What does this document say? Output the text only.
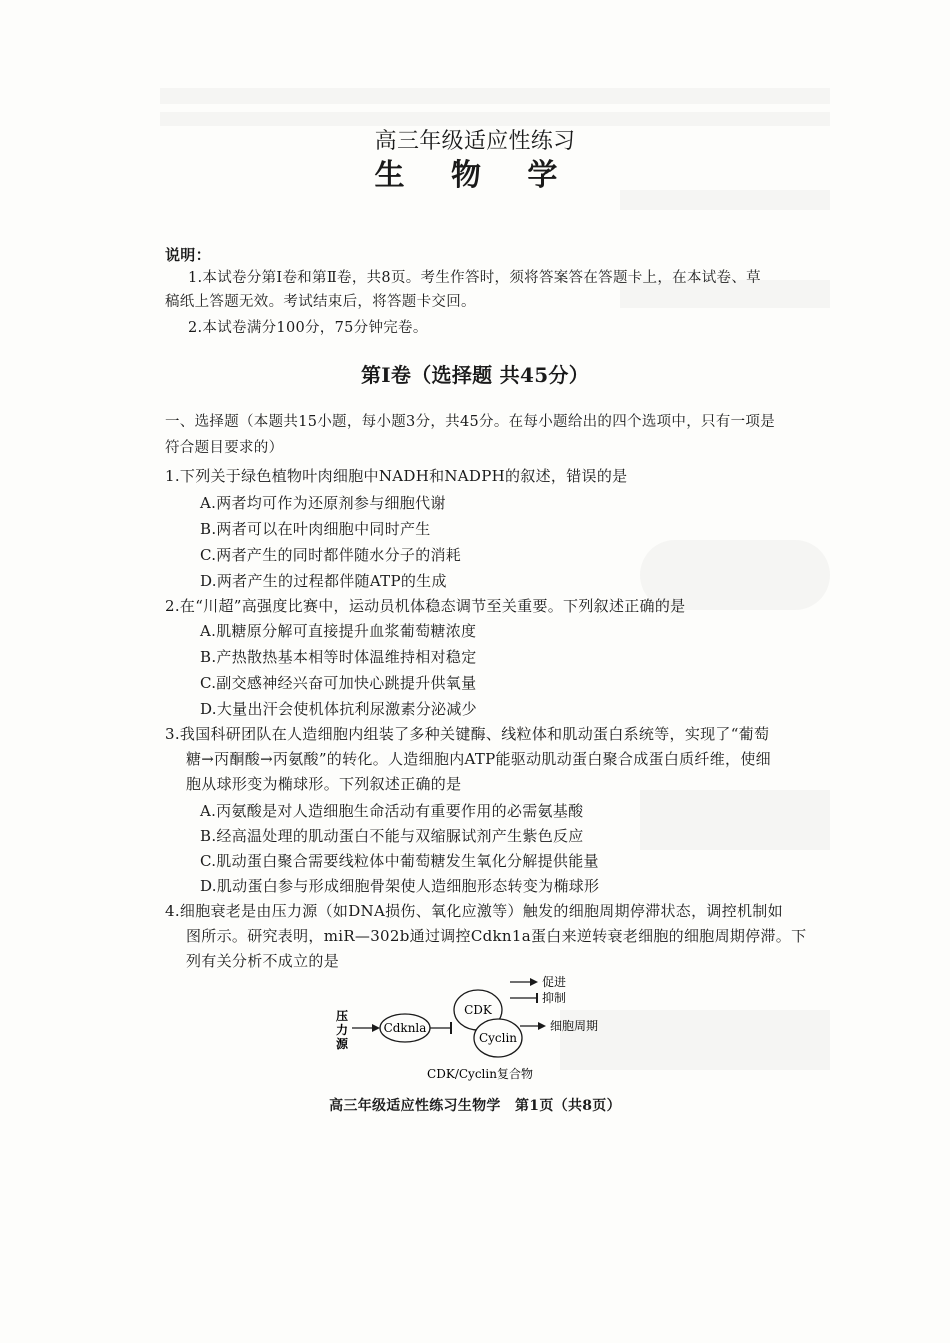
高三年级适应性练习
生 物 学
说明：
1.本试卷分第Ⅰ卷和第Ⅱ卷，共8页。考生作答时，须将答案答在答题卡上，在本试卷、草
稿纸上答题无效。考试结束后，将答题卡交回。
2.本试卷满分100分，75分钟完卷。
第Ⅰ卷（选择题 共45分）
一、选择题（本题共15小题，每小题3分，共45分。在每小题给出的四个选项中，只有一项是
符合题目要求的）
1.下列关于绿色植物叶肉细胞中NADH和NADPH的叙述，错误的是
A.两者均可作为还原剂参与细胞代谢
B.两者可以在叶肉细胞中同时产生
C.两者产生的同时都伴随水分子的消耗
D.两者产生的过程都伴随ATP的生成
2.在“川超”高强度比赛中，运动员机体稳态调节至关重要。下列叙述正确的是
A.肌糖原分解可直接提升血浆葡萄糖浓度
B.产热散热基本相等时体温维持相对稳定
C.副交感神经兴奋可加快心跳提升供氧量
D.大量出汗会使机体抗利尿激素分泌减少
3.我国科研团队在人造细胞内组装了多种关键酶、线粒体和肌动蛋白系统等，实现了“葡萄
糖→丙酮酸→丙氨酸”的转化。人造细胞内ATP能驱动肌动蛋白聚合成蛋白质纤维，使细
胞从球形变为椭球形。下列叙述正确的是
A.丙氨酸是对人造细胞生命活动有重要作用的必需氨基酸
B.经高温处理的肌动蛋白不能与双缩脲试剂产生紫色反应
C.肌动蛋白聚合需要线粒体中葡萄糖发生氧化分解提供能量
D.肌动蛋白参与形成细胞骨架使人造细胞形态转变为椭球形
4.细胞衰老是由压力源（如DNA损伤、氧化应激等）触发的细胞周期停滞状态，调控机制如
图所示。研究表明，miR—302b通过调控Cdkn1a蛋白来逆转衰老细胞的细胞周期停滞。下
列有关分析不成立的是
促进
抑制
压
力
源
Cdknla
CDK
Cyclin
细胞周期
CDK/Cyclin复合物
高三年级适应性练习生物学　第1页（共8页）
